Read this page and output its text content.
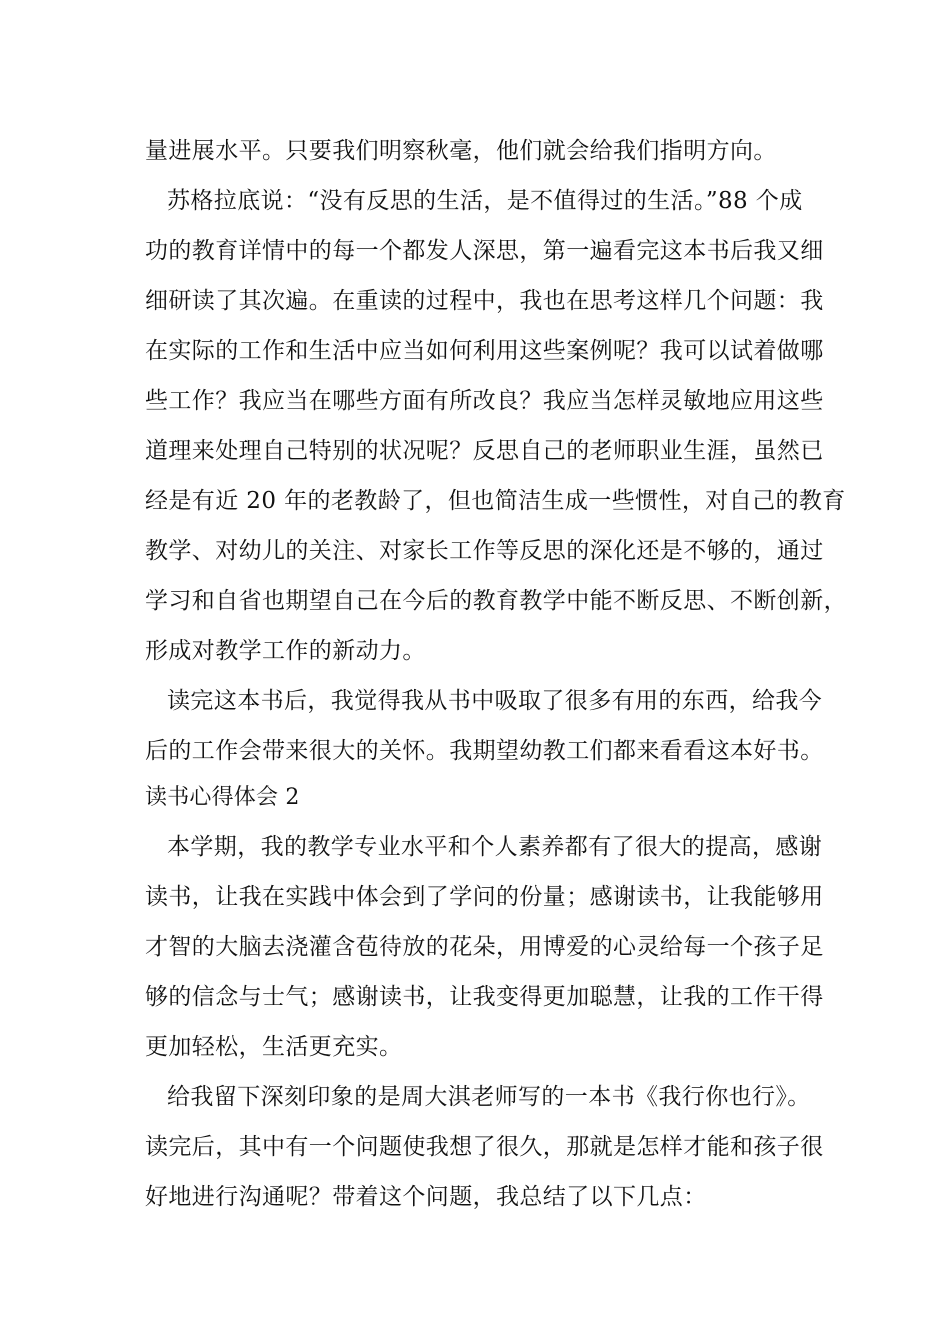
量进展水平。只要我们明察秋毫，他们就会给我们指明方向。
苏格拉底说：“没有反思的生活，是不值得过的生活。”88 个成
功的教育详情中的每一个都发人深思，第一遍看完这本书后我又细
细研读了其次遍。在重读的过程中，我也在思考这样几个问题：我
在实际的工作和生活中应当如何利用这些案例呢？我可以试着做哪
些工作？我应当在哪些方面有所改良？我应当怎样灵敏地应用这些
道理来处理自己特别的状况呢？反思自己的老师职业生涯，虽然已
经是有近 20 年的老教龄了，但也简洁生成一些惯性，对自己的教育
教学、对幼儿的关注、对家长工作等反思的深化还是不够的，通过
学习和自省也期望自己在今后的教育教学中能不断反思、不断创新，
形成对教学工作的新动力。
读完这本书后，我觉得我从书中吸取了很多有用的东西，给我今
后的工作会带来很大的关怀。我期望幼教工们都来看看这本好书。
读书心得体会 2
本学期，我的教学专业水平和个人素养都有了很大的提高，感谢
读书，让我在实践中体会到了学问的份量；感谢读书，让我能够用
才智的大脑去浇灌含苞待放的花朵，用博爱的心灵给每一个孩子足
够的信念与士气；感谢读书，让我变得更加聪慧，让我的工作干得
更加轻松，生活更充实。
给我留下深刻印象的是周大淇老师写的一本书《我行你也行》。
读完后，其中有一个问题使我想了很久，那就是怎样才能和孩子很
好地进行沟通呢？带着这个问题，我总结了以下几点：
